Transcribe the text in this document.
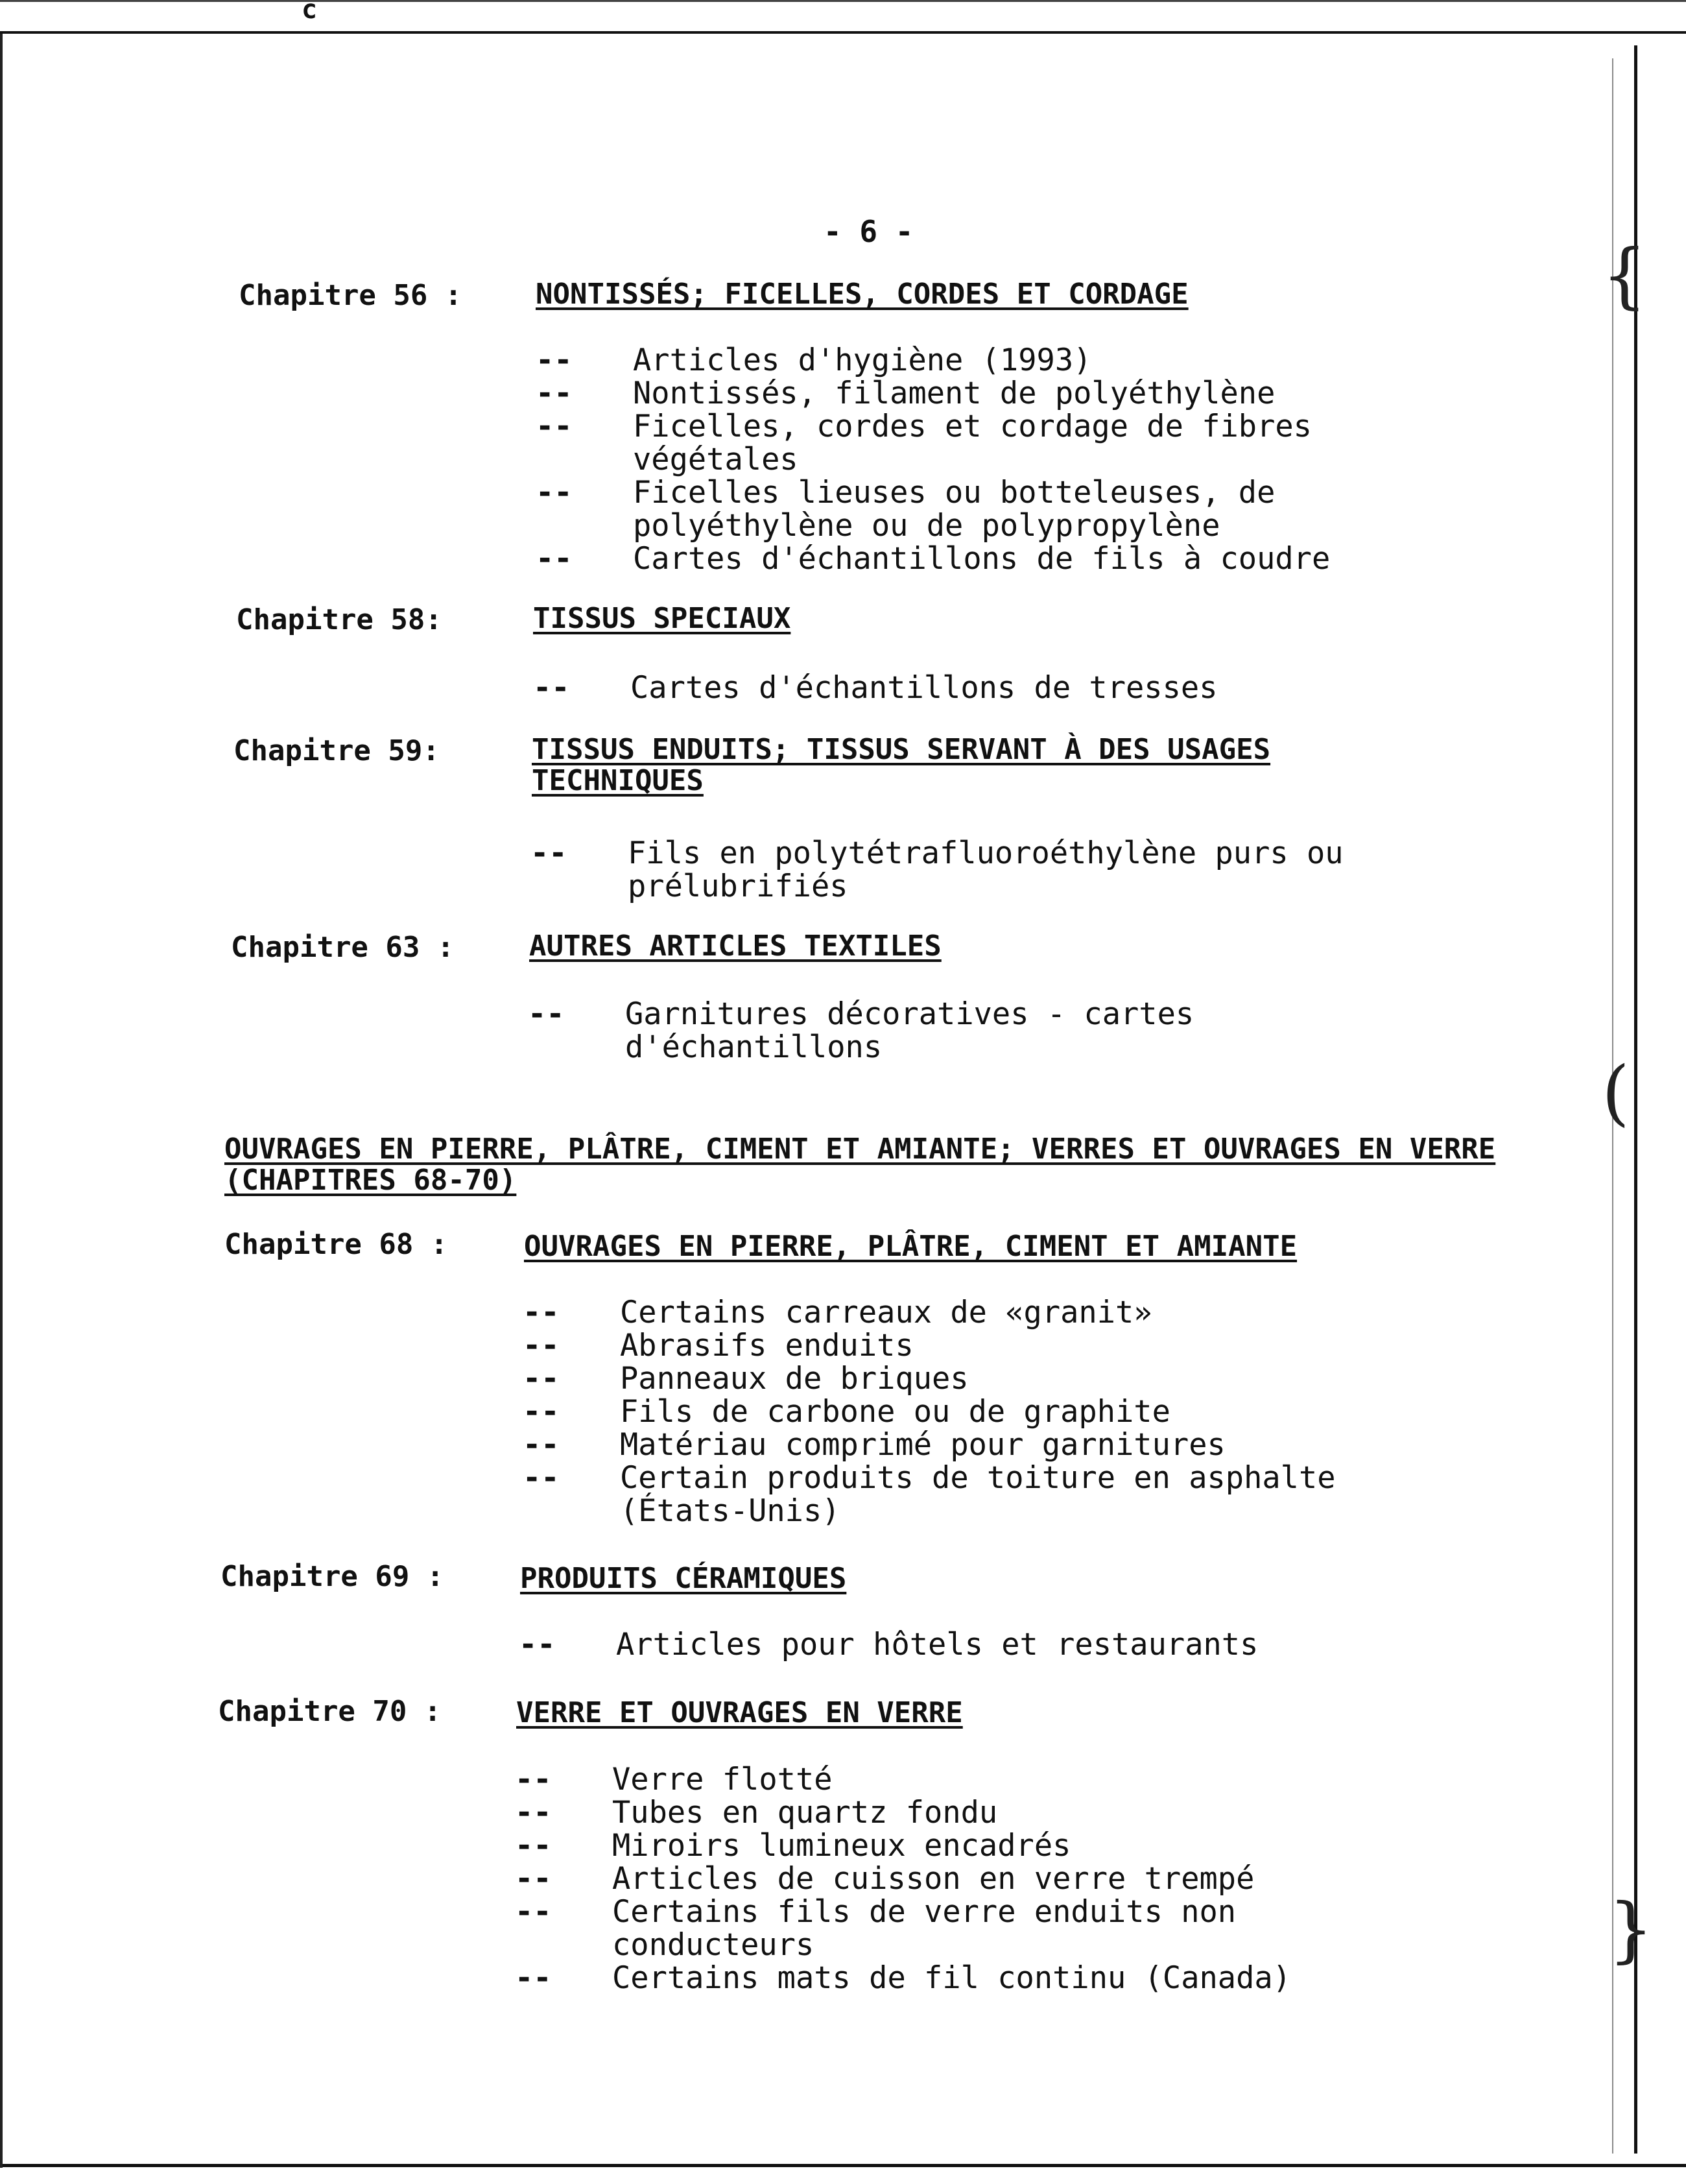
c
{
(
}
- 6 -
Chapitre 56 :	NONTISSÉS; FICELLES, CORDES ET CORDAGE
-- Articles d'hygiène (1993)
-- Nontissés, filament de polyéthylène
-- Ficelles, cordes et cordage de fibres végétales
-- Ficelles lieuses ou botteleuses, de polyéthylène ou de polypropylène
-- Cartes d'échantillons de fils à coudre
Chapitre 58:	TISSUS SPECIAUX
-- Cartes d'échantillons de tresses
Chapitre 59:	TISSUS ENDUITS; TISSUS SERVANT À DES USAGES TECHNIQUES
-- Fils en polytétrafluoroéthylène purs ou prélubrifiés
Chapitre 63 :	AUTRES ARTICLES TEXTILES
-- Garnitures décoratives - cartes d'échantillons
OUVRAGES EN PIERRE, PLÂTRE, CIMENT ET AMIANTE; VERRES ET OUVRAGES EN VERRE (CHAPITRES 68-70)
Chapitre 68 :	OUVRAGES EN PIERRE, PLÂTRE, CIMENT ET AMIANTE
-- Certains carreaux de «granit»
-- Abrasifs enduits
-- Panneaux de briques
-- Fils de carbone ou de graphite
-- Matériau comprimé pour garnitures
-- Certain produits de toiture en asphalte (États-Unis)
Chapitre 69 :	PRODUITS CÉRAMIQUES
-- Articles pour hôtels et restaurants
Chapitre 70 :	VERRE ET OUVRAGES EN VERRE
-- Verre flotté
-- Tubes en quartz fondu
-- Miroirs lumineux encadrés
-- Articles de cuisson en verre trempé
-- Certains fils de verre enduits non conducteurs
-- Certains mats de fil continu (Canada)
